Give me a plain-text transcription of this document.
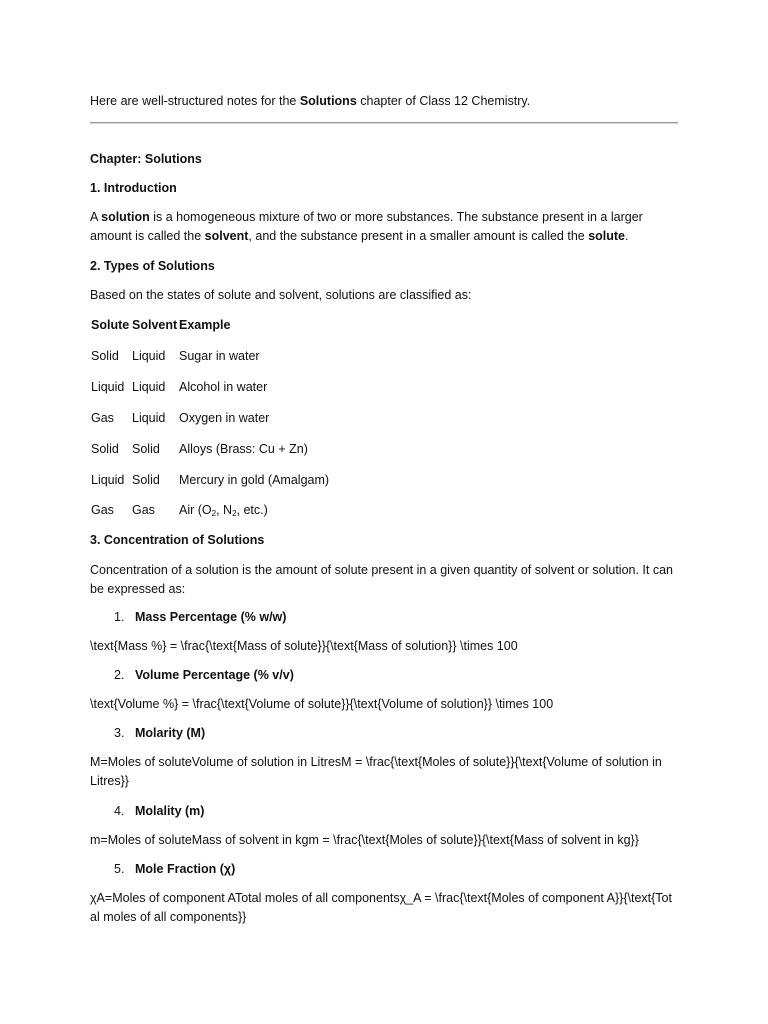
Here are well-structured notes for the Solutions chapter of Class 12 Chemistry.
Chapter: Solutions
1. Introduction
A solution is a homogeneous mixture of two or more substances. The substance present in a larger amount is called the solvent, and the substance present in a smaller amount is called the solute.
2. Types of Solutions
Based on the states of solute and solvent, solutions are classified as:
Solute Solvent Example
Solid Liquid Sugar in water
Liquid Liquid Alcohol in water
Gas Liquid Oxygen in water
Solid Solid Alloys (Brass: Cu + Zn)
Liquid Solid Mercury in gold (Amalgam)
Gas Gas Air ($O_2$, $N_2$, etc.)
3. Concentration of Solutions
Concentration of a solution is the amount of solute present in a given quantity of solvent or solution. It can be expressed as:
1. Mass Percentage (% w/w)
\text{Mass %} = \frac{\text{Mass of solute}}{\text{Mass of solution}} \times 100
2. Volume Percentage (% v/v)
\text{Volume %} = \frac{\text{Volume of solute}}{\text{Volume of solution}} \times 100
3. Molarity (M)
M=Moles of soluteVolume of solution in LitresM = \frac{\text{Moles of solute}}{\text{Volume of solution in Litres}}
4. Molality (m)
m=Moles of soluteMass of solvent in kgm = \frac{\text{Moles of solute}}{\text{Mass of solvent in kg}}
5. Mole Fraction (χ)
χA=Moles of component ATotal moles of all componentsχ_A = \frac{\text{Moles of component A}}{\text{Total moles of all components}}
